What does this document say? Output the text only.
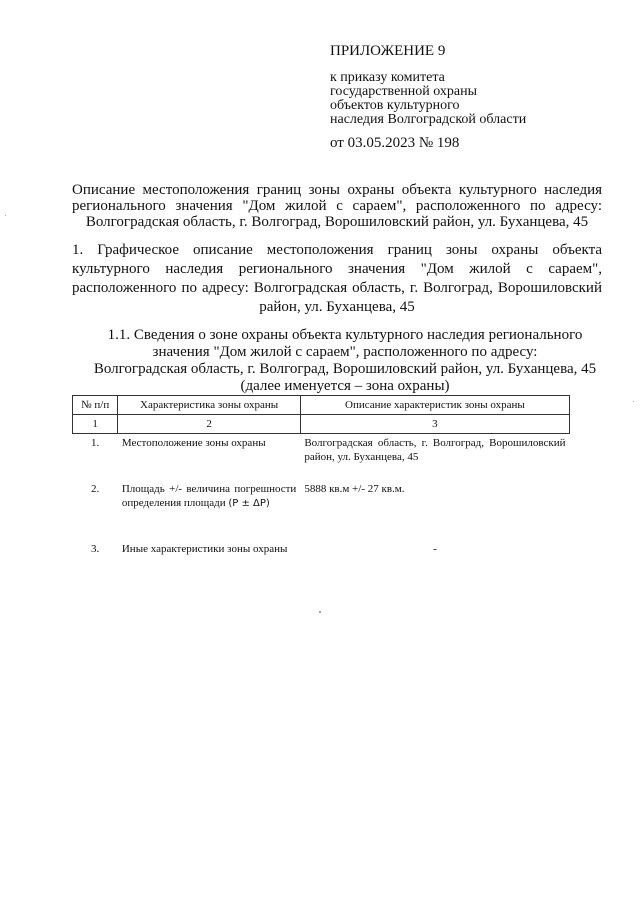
ПРИЛОЖЕНИЕ 9
к приказу комитета
государственной охраны
объектов культурного
наследия Волгоградской области
от 03.05.2023 № 198
Описание местоположения границ зоны охраны объекта культурного наследия
регионального значения "Дом жилой с сараем", расположенного по адресу:
Волгоградская область, г. Волгоград, Ворошиловский район, ул. Буханцева, 45
1. Графическое описание местоположения границ зоны охраны объекта
культурного наследия регионального значения "Дом жилой с сараем",
расположенного по адресу: Волгоградская область, г. Волгоград, Ворошиловский
район, ул. Буханцева, 45
1.1. Сведения о зоне охраны объекта культурного наследия регионального
значения "Дом жилой с сараем", расположенного по адресу:
Волгоградская область, г. Волгоград, Ворошиловский район, ул. Буханцева, 45
(далее именуется – зона охраны)
№ п/п	Характеристика зоны охраны	Описание характеристик зоны охраны
1	2	3
1.	Местоположение зоны охраны	Волгоградская область, г. Волгоград, Ворошиловский район, ул. Буханцева, 45
2.	Площадь +/- величина погрешности определения площади (P ± ΔP)	5888 кв.м +/- 27 кв.м.
3.	Иные характеристики зоны охраны	-
